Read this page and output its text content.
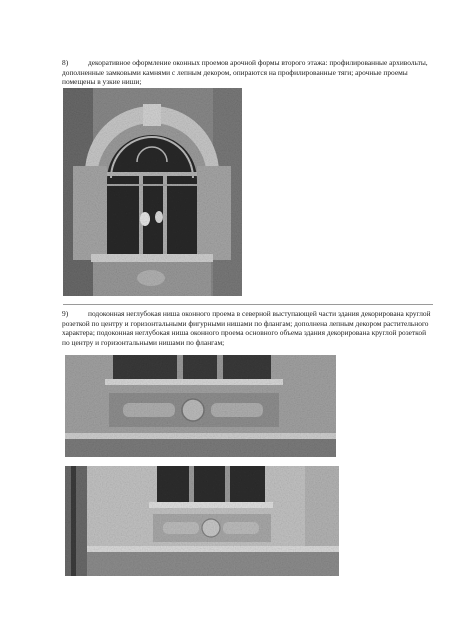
8)	декоративное оформление оконных проемов арочной формы второго этажа: профилированные архивольты, дополненные замковыми камнями с лепным декором, опираются на профилированные тяги; арочные проемы помещены в узкие ниши;

9)	подоконная неглубокая ниша оконного проема в северной выступающей части здания декорирована круглой розеткой по центру и горизонтальными фигурными нишами по флангам; дополнена лепным декором растительного характера; подоконная неглубокая ниша оконного проема основного объема здания декорирована круглой розеткой по центру и горизонтальными нишами по флангам;
